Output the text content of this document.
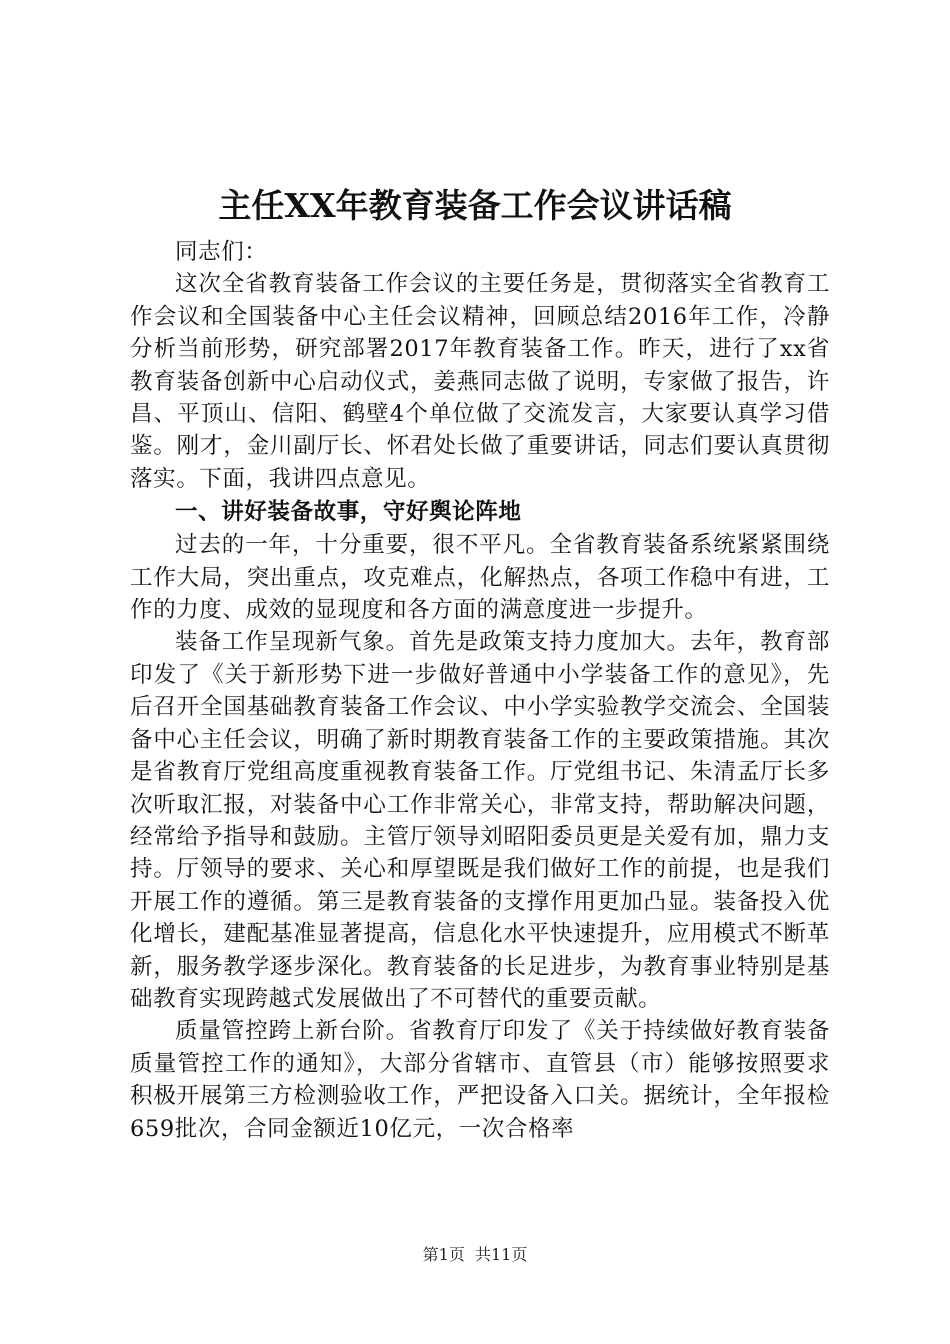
主任XX年教育装备工作会议讲话稿

同志们：

这次全省教育装备工作会议的主要任务是，贯彻落实全省教育工作会议和全国装备中心主任会议精神，回顾总结2016年工作，冷静分析当前形势，研究部署2017年教育装备工作。昨天，进行了xx省教育装备创新中心启动仪式，姜燕同志做了说明，专家做了报告，许昌、平顶山、信阳、鹤壁4个单位做了交流发言，大家要认真学习借鉴。刚才，金川副厅长、怀君处长做了重要讲话，同志们要认真贯彻落实。下面，我讲四点意见。

一、讲好装备故事，守好舆论阵地

过去的一年，十分重要，很不平凡。全省教育装备系统紧紧围绕工作大局，突出重点，攻克难点，化解热点，各项工作稳中有进，工作的力度、成效的显现度和各方面的满意度进一步提升。

装备工作呈现新气象。首先是政策支持力度加大。去年，教育部印发了《关于新形势下进一步做好普通中小学装备工作的意见》，先后召开全国基础教育装备工作会议、中小学实验教学交流会、全国装备中心主任会议，明确了新时期教育装备工作的主要政策措施。其次是省教育厅党组高度重视教育装备工作。厅党组书记、朱清孟厅长多次听取汇报，对装备中心工作非常关心，非常支持，帮助解决问题，经常给予指导和鼓励。主管厅领导刘昭阳委员更是关爱有加，鼎力支持。厅领导的要求、关心和厚望既是我们做好工作的前提，也是我们开展工作的遵循。第三是教育装备的支撑作用更加凸显。装备投入优化增长，建配基准显著提高，信息化水平快速提升，应用模式不断革新，服务教学逐步深化。教育装备的长足进步，为教育事业特别是基础教育实现跨越式发展做出了不可替代的重要贡献。

质量管控跨上新台阶。省教育厅印发了《关于持续做好教育装备质量管控工作的通知》，大部分省辖市、直管县（市）能够按照要求积极开展第三方检测验收工作，严把设备入口关。据统计，全年报检659批次，合同金额近10亿元，一次合格率

第1页  共11页
